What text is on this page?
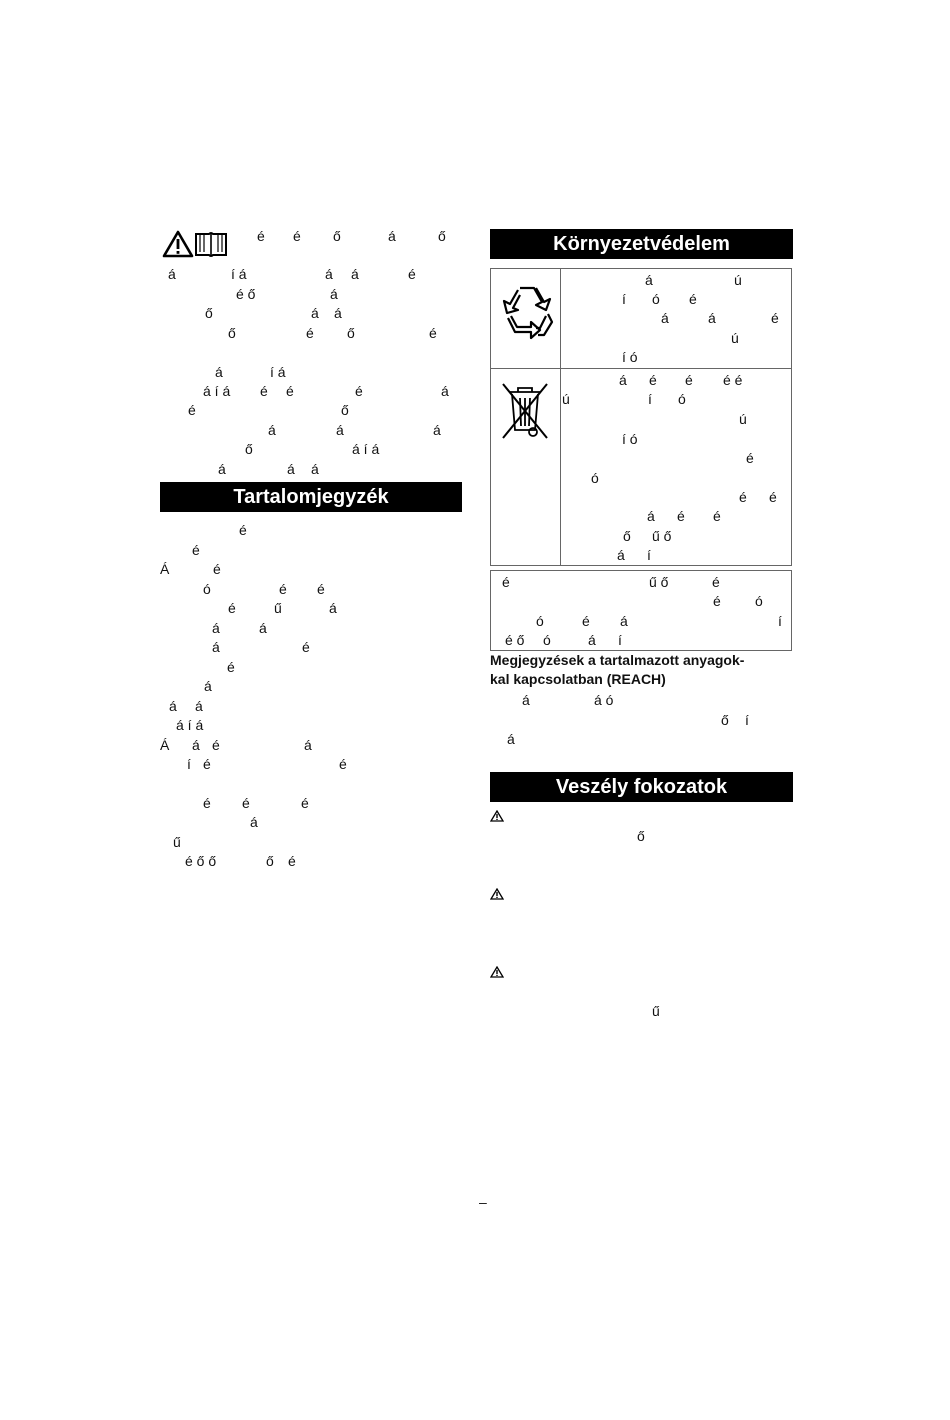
é é ő	á	ő
á	í á	á á	é
é ő	á
ő	á á
ő	é ő	é
á	í á
á í á é é	é	á
é	ő
á	á	á
ő	á í á
á	á á
Tartalomjegyzék
é
é
Á	é
ó	é é
é	ű	á
á	á
á	é
é
á
á á
á í á
Á á é	á
í é	é
é é	é
á
ű
é ő ő	ő é
Környezetvédelem
á	ú
í ó é
á	á	é
ú
í ó
á é é é é
ú	í ó
ú
í ó
é
ó
é é
á é é
ő ű ő
á í
é	ű ő	é
é ó
ó	é á	í
é ő ó	á í
Megjegyzések a tartalmazott anyagok-
kal kapcsolatban (REACH)
á	á ó
ő í
á
Veszély fokozatok
ő
ű
–
